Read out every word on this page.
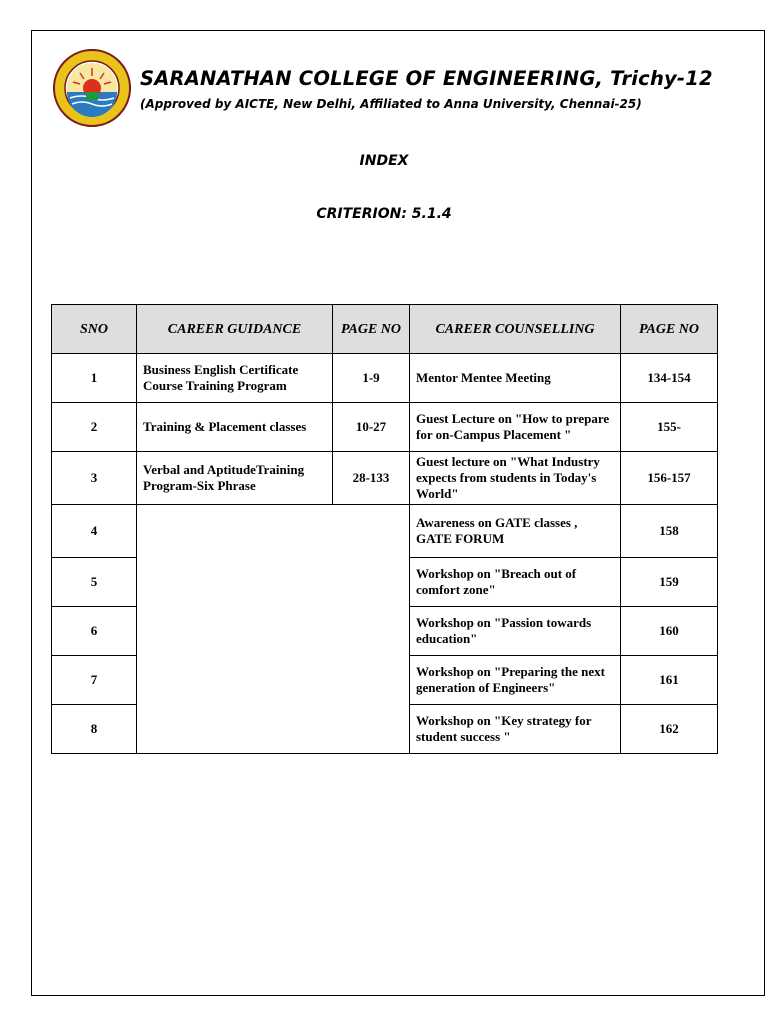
SARANATHAN COLLEGE OF ENGINEERING, Trichy-12
(Approved by AICTE, New Delhi, Affiliated to Anna University, Chennai-25)
INDEX
CRITERION: 5.1.4
SNO	CAREER GUIDANCE	PAGE NO	CAREER COUNSELLING	PAGE NO
1	Business English Certificate Course Training Program	1-9	Mentor Mentee Meeting	134-154
2	Training & Placement classes	10-27	Guest Lecture on "How to prepare for on-Campus Placement "	155-
3	Verbal and AptitudeTraining Program-Six Phrase	28-133	Guest lecture on "What Industry expects from students in Today's World"	156-157
4			Awareness on GATE classes , GATE FORUM	158
5			Workshop on "Breach out of comfort zone"	159
6			Workshop on "Passion towards education"	160
7			Workshop on "Preparing the next generation of Engineers"	161
8			Workshop on "Key strategy for student success "	162
